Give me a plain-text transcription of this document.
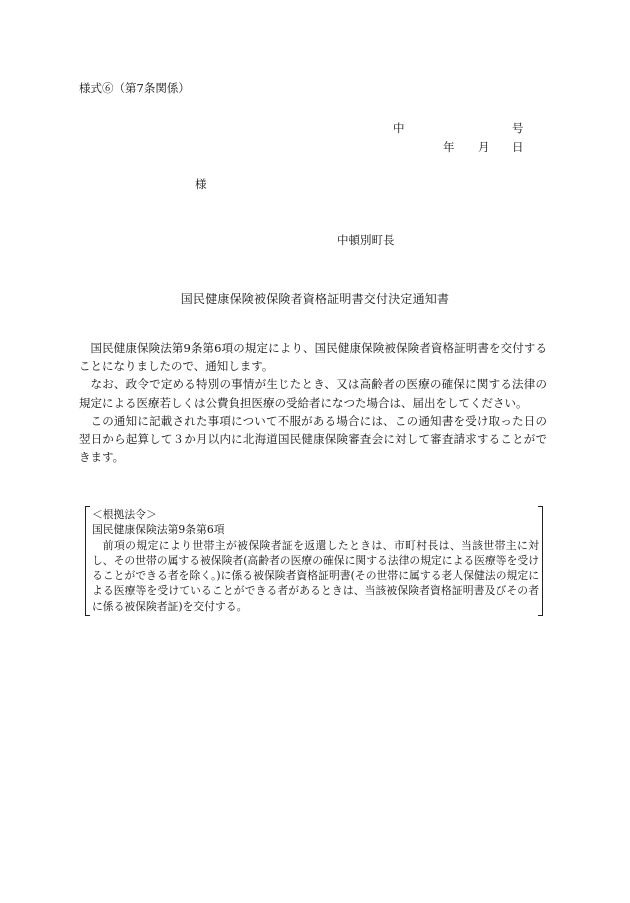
様式⑥（第7条関係）
中	号
年 月 日
様
中頓別町長
国民健康保険被保険者資格証明書交付決定通知書

国民健康保険法第9条第6項の規定により、国民健康保険被保険者資格証明書を交付することになりましたので、通知します。

なお、政令で定める特別の事情が生じたとき、又は高齢者の医療の確保に関する法律の規定による医療若しくは公費負担医療の受給者になつた場合は、届出をしてください。

この通知に記載された事項について不服がある場合には、この通知書を受け取った日の翌日から起算して３か月以内に北海道国民健康保険審査会に対して審査請求することができます。

＜根拠法令＞
国民健康保険法第9条第6項
前項の規定により世帯主が被保険者証を返還したときは、市町村長は、当該世帯主に対し、その世帯の属する被保険者(高齢者の医療の確保に関する法律の規定による医療等を受けることができる者を除く。)に係る被保険者資格証明書(その世帯に属する老人保健法の規定による医療等を受けていることができる者があるときは、当該被保険者資格証明書及びその者に係る被保険者証)を交付する。
